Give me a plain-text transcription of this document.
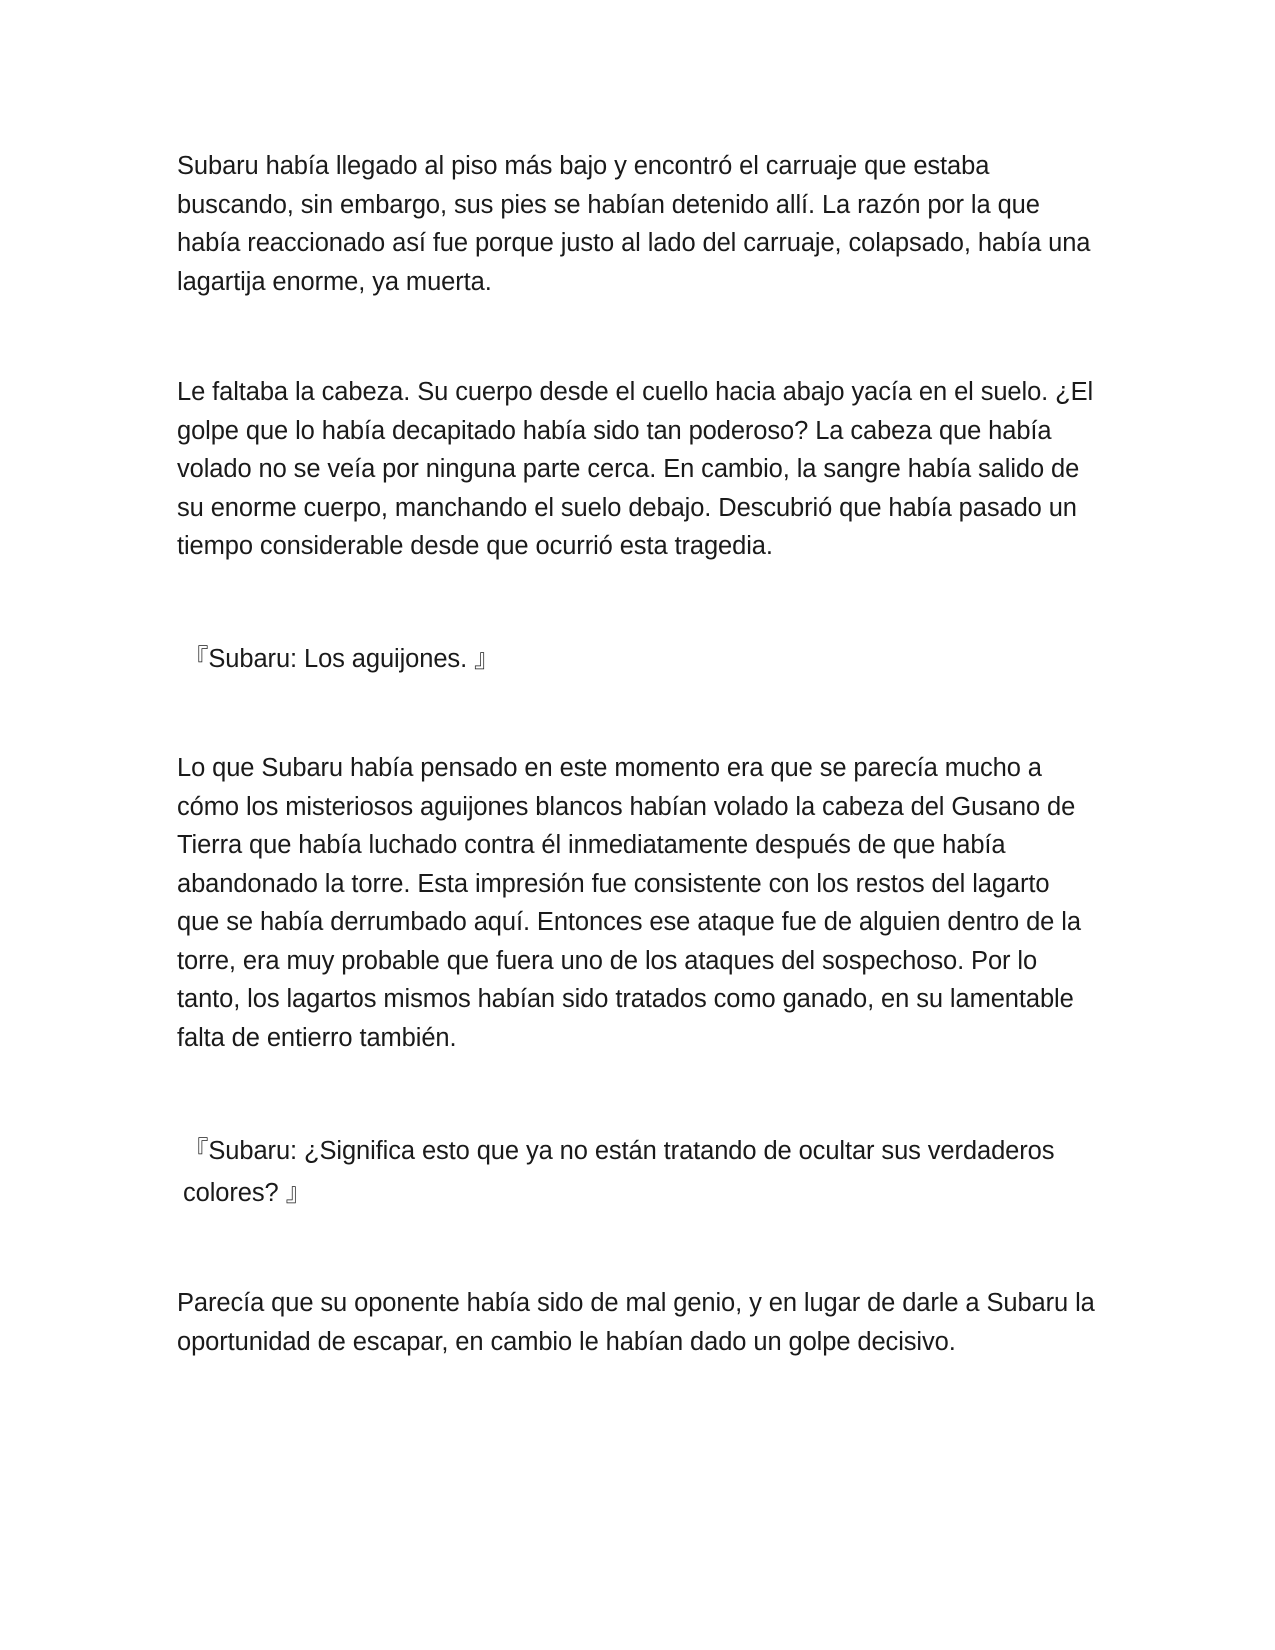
Subaru había llegado al piso más bajo y encontró el carruaje que estaba buscando, sin embargo, sus pies se habían detenido allí. La razón por la que había reaccionado así fue porque justo al lado del carruaje, colapsado, había una lagartija enorme, ya muerta.

Le faltaba la cabeza. Su cuerpo desde el cuello hacia abajo yacía en el suelo. ¿El golpe que lo había decapitado había sido tan poderoso? La cabeza que había volado no se veía por ninguna parte cerca. En cambio, la sangre había salido de su enorme cuerpo, manchando el suelo debajo. Descubrió que había pasado un tiempo considerable desde que ocurrió esta tragedia.

『Subaru: Los aguijones. 』

Lo que Subaru había pensado en este momento era que se parecía mucho a cómo los misteriosos aguijones blancos habían volado la cabeza del Gusano de Tierra que había luchado contra él inmediatamente después de que había abandonado la torre. Esta impresión fue consistente con los restos del lagarto que se había derrumbado aquí. Entonces ese ataque fue de alguien dentro de la torre, era muy probable que fuera uno de los ataques del sospechoso. Por lo tanto, los lagartos mismos habían sido tratados como ganado, en su lamentable falta de entierro también.

『Subaru: ¿Significa esto que ya no están tratando de ocultar sus verdaderos colores? 』

Parecía que su oponente había sido de mal genio, y en lugar de darle a Subaru la oportunidad de escapar, en cambio le habían dado un golpe decisivo.
